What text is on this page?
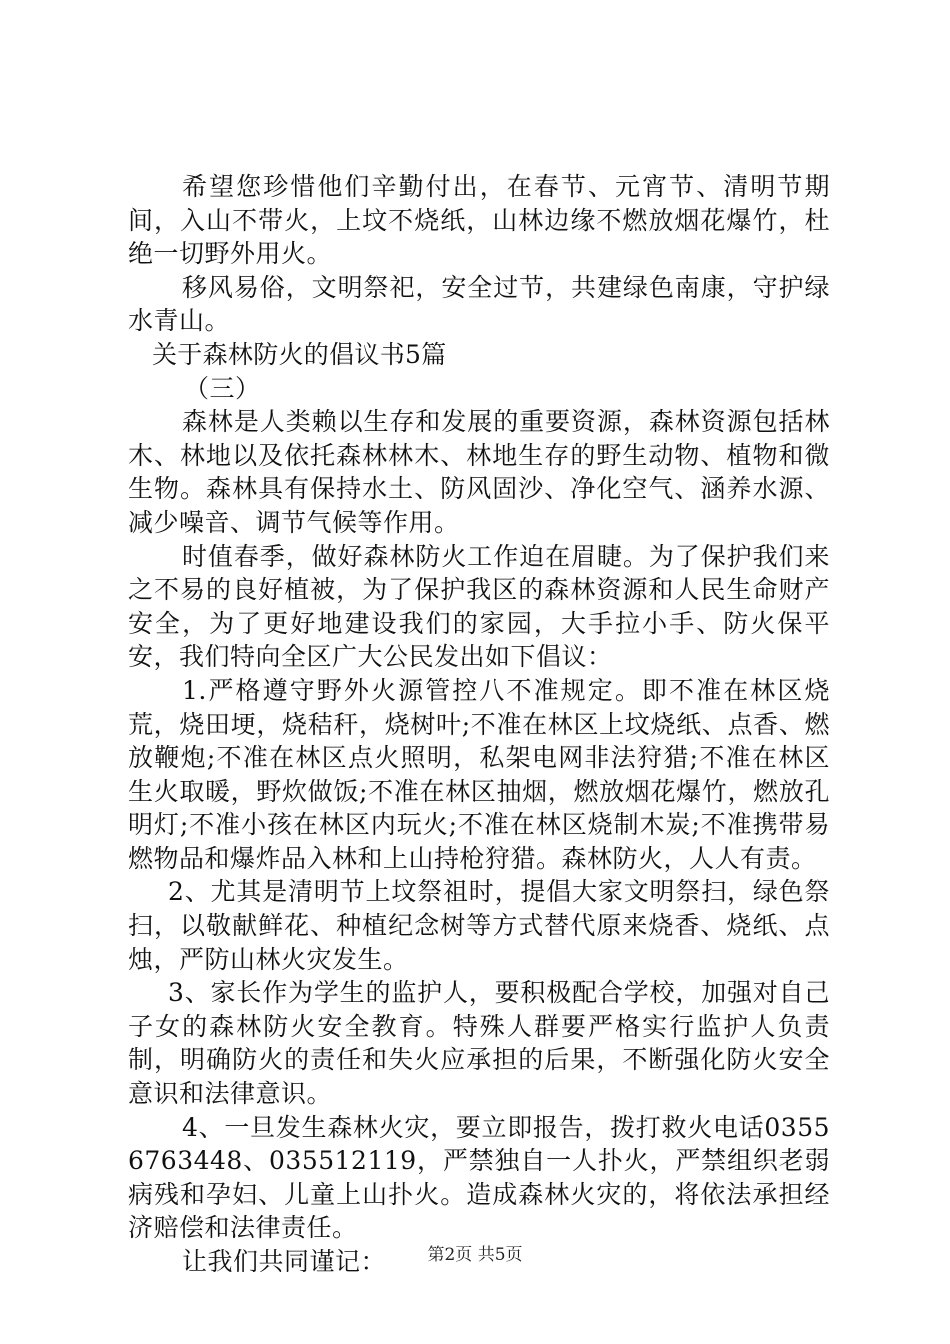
希望您珍惜他们辛勤付出，在春节、元宵节、清明节期间，入山不带火，上坟不烧纸，山林边缘不燃放烟花爆竹，杜绝一切野外用火。

移风易俗，文明祭祀，安全过节，共建绿色南康，守护绿水青山。

关于森林防火的倡议书5篇

（三）

森林是人类赖以生存和发展的重要资源，森林资源包括林木、林地以及依托森林林木、林地生存的野生动物、植物和微生物。森林具有保持水土、防风固沙、净化空气、涵养水源、减少噪音、调节气候等作用。

时值春季，做好森林防火工作迫在眉睫。为了保护我们来之不易的良好植被，为了保护我区的森林资源和人民生命财产安全，为了更好地建设我们的家园，大手拉小手、防火保平安，我们特向全区广大公民发出如下倡议：

1.严格遵守野外火源管控八不准规定。即不准在林区烧荒，烧田埂，烧秸秆，烧树叶;不准在林区上坟烧纸、点香、燃放鞭炮;不准在林区点火照明，私架电网非法狩猎;不准在林区生火取暖，野炊做饭;不准在林区抽烟，燃放烟花爆竹，燃放孔明灯;不准小孩在林区内玩火;不准在林区烧制木炭;不准携带易燃物品和爆炸品入林和上山持枪狩猎。森林防火，人人有责。

2、尤其是清明节上坟祭祖时，提倡大家文明祭扫，绿色祭扫，以敬献鲜花、种植纪念树等方式替代原来烧香、烧纸、点烛，严防山林火灾发生。

3、家长作为学生的监护人，要积极配合学校，加强对自己子女的森林防火安全教育。特殊人群要严格实行监护人负责制，明确防火的责任和失火应承担的后果，不断强化防火安全意识和法律意识。

4、一旦发生森林火灾，要立即报告，拨打救火电话03556763448、035512119，严禁独自一人扑火，严禁组织老弱病残和孕妇、儿童上山扑火。造成森林火灾的，将依法承担经济赔偿和法律责任。

让我们共同谨记：	第2页 共5页
